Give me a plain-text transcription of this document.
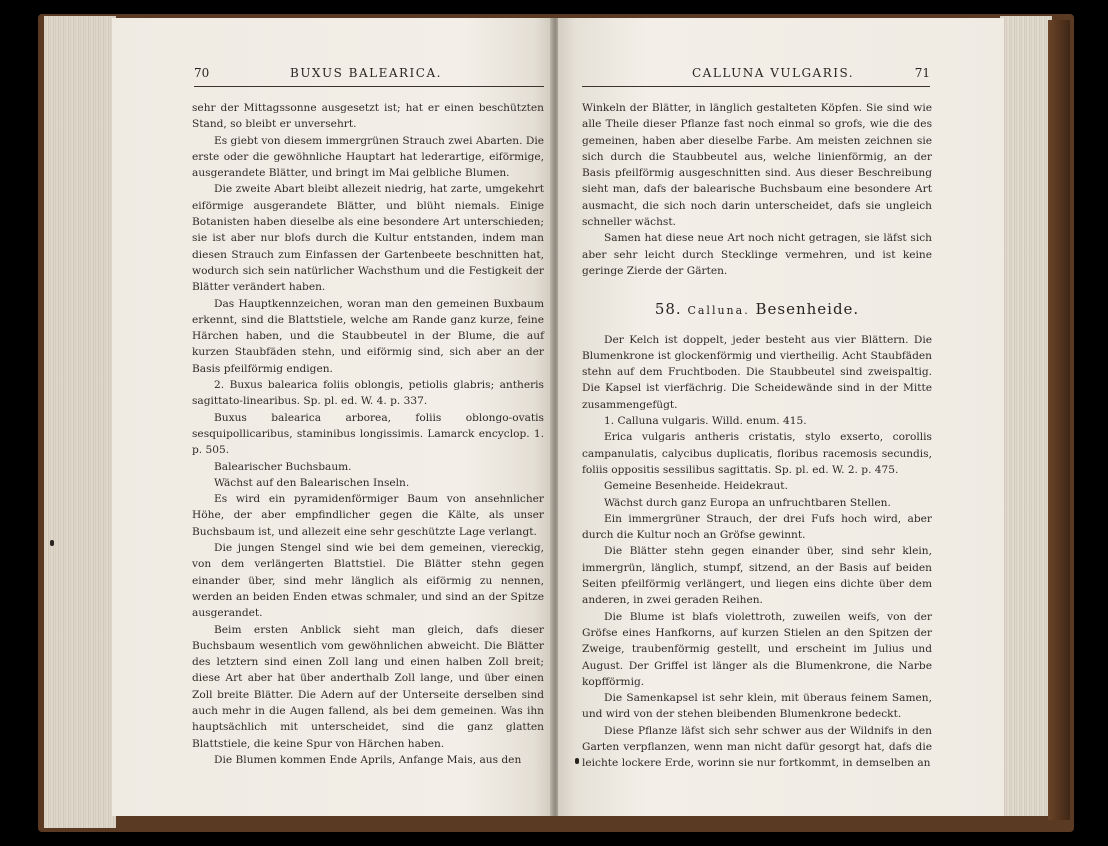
70	BUXUS BALEARICA.

sehr der Mittagssonne ausgesetzt ist; hat er einen beschützten Stand, so bleibt er unversehrt.

Es giebt von diesem immergrünen Strauch zwei Abarten. Die erste oder die gewöhnliche Hauptart hat lederartige, eiförmige, ausgerandete Blätter, und bringt im Mai gelbliche Blumen.

Die zweite Abart bleibt allezeit niedrig, hat zarte, umgekehrt eiförmige ausgerandete Blätter, und blüht niemals. Einige Botanisten haben dieselbe als eine besondere Art unterschieden; sie ist aber nur blofs durch die Kultur entstanden, indem man diesen Strauch zum Einfassen der Gartenbeete beschnitten hat, wodurch sich sein natürlicher Wachsthum und die Festigkeit der Blätter verändert haben.

Das Hauptkennzeichen, woran man den gemeinen Buxbaum erkennt, sind die Blattstiele, welche am Rande ganz kurze, feine Härchen haben, und die Staubbeutel in der Blume, die auf kurzen Staubfäden stehn, und eiförmig sind, sich aber an der Basis pfeilförmig endigen.

2. Buxus balearica foliis oblongis, petiolis glabris; antheris sagittato-linearibus. Sp. pl. ed. W. 4. p. 337.

Buxus balearica arborea, foliis oblongo-ovatis sesquipollicaribus, staminibus longissimis. Lamarck encyclop. 1. p. 505.

Balearischer Buchsbaum.

Wächst auf den Balearischen Inseln.

Es wird ein pyramidenförmiger Baum von ansehnlicher Höhe, der aber empfindlicher gegen die Kälte, als unser Buchsbaum ist, und allezeit eine sehr geschützte Lage verlangt.

Die jungen Stengel sind wie bei dem gemeinen, viereckig, von dem verlängerten Blattstiel. Die Blätter stehn gegen einander über, sind mehr länglich als eiförmig zu nennen, werden an beiden Enden etwas schmaler, und sind an der Spitze ausgerandet.

Beim ersten Anblick sieht man gleich, dafs dieser Buchsbaum wesentlich vom gewöhnlichen abweicht. Die Blätter des letztern sind einen Zoll lang und einen halben Zoll breit; diese Art aber hat über anderthalb Zoll lange, und über einen Zoll breite Blätter. Die Adern auf der Unterseite derselben sind auch mehr in die Augen fallend, als bei dem gemeinen. Was ihn hauptsächlich mit unterscheidet, sind die ganz glatten Blattstiele, die keine Spur von Härchen haben.

Die Blumen kommen Ende Aprils, Anfange Mais, aus den

CALLUNA VULGARIS.	71

Winkeln der Blätter, in länglich gestalteten Köpfen. Sie sind wie alle Theile dieser Pflanze fast noch einmal so grofs, wie die des gemeinen, haben aber dieselbe Farbe. Am meisten zeichnen sie sich durch die Staubbeutel aus, welche linienförmig, an der Basis pfeilförmig ausgeschnitten sind. Aus dieser Beschreibung sieht man, dafs der balearische Buchsbaum eine besondere Art ausmacht, die sich noch darin unterscheidet, dafs sie ungleich schneller wächst.

Samen hat diese neue Art noch nicht getragen, sie läfst sich aber sehr leicht durch Stecklinge vermehren, und ist keine geringe Zierde der Gärten.

58. Calluna. Besenheide.

Der Kelch ist doppelt, jeder besteht aus vier Blättern. Die Blumenkrone ist glockenförmig und viertheilig. Acht Staubfäden stehn auf dem Fruchtboden. Die Staubbeutel sind zweispaltig. Die Kapsel ist vierfächrig. Die Scheidewände sind in der Mitte zusammengefügt.

1. Calluna vulgaris. Willd. enum. 415.

Erica vulgaris antheris cristatis, stylo exserto, corollis campanulatis, calycibus duplicatis, floribus racemosis secundis, foliis oppositis sessilibus sagittatis. Sp. pl. ed. W. 2. p. 475.

Gemeine Besenheide. Heidekraut.

Wächst durch ganz Europa an unfruchtbaren Stellen.

Ein immergrüner Strauch, der drei Fufs hoch wird, aber durch die Kultur noch an Gröfse gewinnt.

Die Blätter stehn gegen einander über, sind sehr klein, immergrün, länglich, stumpf, sitzend, an der Basis auf beiden Seiten pfeilförmig verlängert, und liegen eins dichte über dem anderen, in zwei geraden Reihen.

Die Blume ist blafs violettroth, zuweilen weifs, von der Gröfse eines Hanfkorns, auf kurzen Stielen an den Spitzen der Zweige, traubenförmig gestellt, und erscheint im Julius und August. Der Griffel ist länger als die Blumenkrone, die Narbe kopfförmig.

Die Samenkapsel ist sehr klein, mit überaus feinem Samen, und wird von der stehen bleibenden Blumenkrone bedeckt.

Diese Pflanze läfst sich sehr schwer aus der Wildnifs in den Garten verpflanzen, wenn man nicht dafür gesorgt hat, dafs die leichte lockere Erde, worinn sie nur fortkommt, in demselben an
